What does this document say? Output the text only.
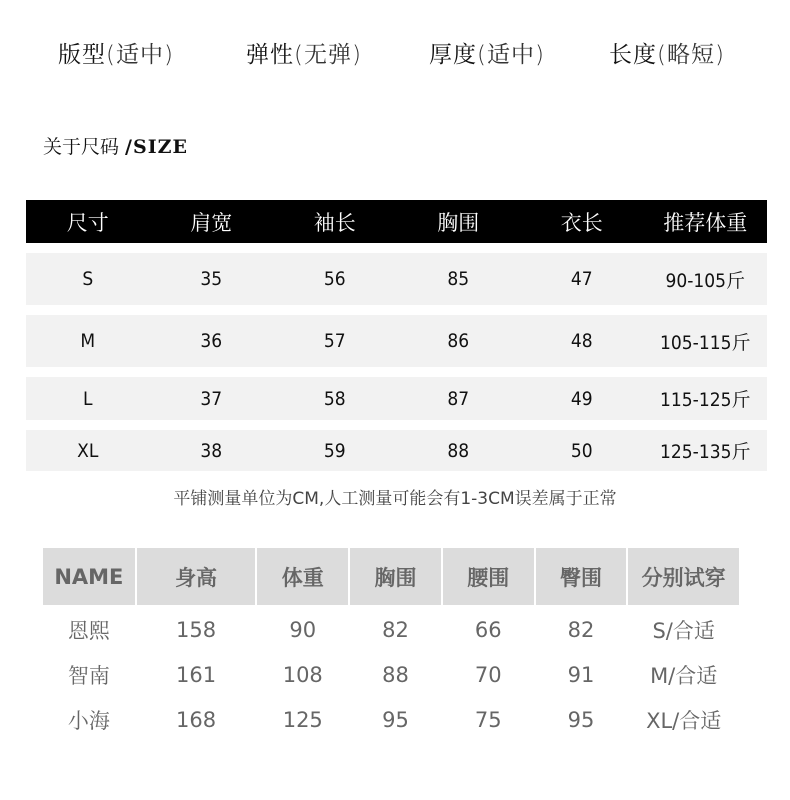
版型(适中)	弹性(无弹)	厚度(适中)	长度(略短)
关于尺码 /SIZE
尺寸	肩宽	袖长	胸围	衣长	推荐体重
S	35	56	85	47	90-105斤
M	36	57	86	48	105-115斤
L	37	58	87	49	115-125斤
XL	38	59	88	50	125-135斤
平铺测量单位为CM,人工测量可能会有1-3CM误差属于正常
NAME	身高	体重	胸围	腰围	臀围	分别试穿
恩熙	158	90	82	66	82	S/合适
智南	161	108	88	70	91	M/合适
小海	168	125	95	75	95	XL/合适
